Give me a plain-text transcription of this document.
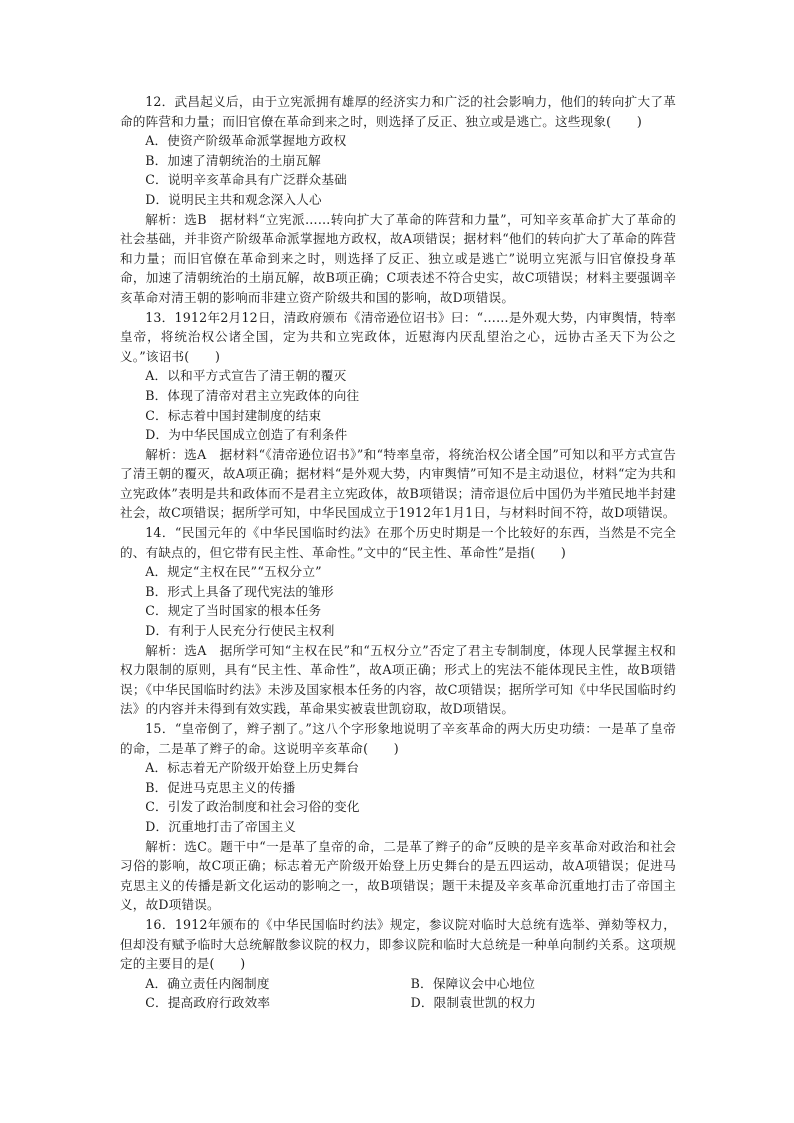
12．武昌起义后，由于立宪派拥有雄厚的经济实力和广泛的社会影响力，他们的转向扩大了革命的阵营和力量；而旧官僚在革命到来之时，则选择了反正、独立或是逃亡。这些现象(　　)
A．使资产阶级革命派掌握地方政权
B．加速了清朝统治的土崩瓦解
C．说明辛亥革命具有广泛群众基础
D．说明民主共和观念深入人心
解析：选B　据材料“立宪派……转向扩大了革命的阵营和力量”，可知辛亥革命扩大了革命的社会基础，并非资产阶级革命派掌握地方政权，故A项错误；据材料“他们的转向扩大了革命的阵营和力量；而旧官僚在革命到来之时，则选择了反正、独立或是逃亡”说明立宪派与旧官僚投身革命，加速了清朝统治的土崩瓦解，故B项正确；C项表述不符合史实，故C项错误；材料主要强调辛亥革命对清王朝的影响而非建立资产阶级共和国的影响，故D项错误。
13．1912年2月12日，清政府颁布《清帝逊位诏书》曰：“……是外观大势，内审舆情，特率皇帝，将统治权公诸全国，定为共和立宪政体，近慰海内厌乱望治之心，远协古圣天下为公之义。”该诏书(　　)
A．以和平方式宣告了清王朝的覆灭
B．体现了清帝对君主立宪政体的向往
C．标志着中国封建制度的结束
D．为中华民国成立创造了有利条件
解析：选A　据材料“《清帝逊位诏书》”和“特率皇帝，将统治权公诸全国”可知以和平方式宣告了清王朝的覆灭，故A项正确；据材料“是外观大势，内审舆情”可知不是主动退位，材料“定为共和立宪政体”表明是共和政体而不是君主立宪政体，故B项错误；清帝退位后中国仍为半殖民地半封建社会，故C项错误；据所学可知，中华民国成立于1912年1月1日，与材料时间不符，故D项错误。
14．“民国元年的《中华民国临时约法》在那个历史时期是一个比较好的东西，当然是不完全的、有缺点的，但它带有民主性、革命性。”文中的“民主性、革命性”是指(　　)
A．规定“主权在民”“五权分立”
B．形式上具备了现代宪法的雏形
C．规定了当时国家的根本任务
D．有利于人民充分行使民主权利
解析：选A　据所学可知“主权在民”和“五权分立”否定了君主专制制度，体现人民掌握主权和权力限制的原则，具有“民主性、革命性”，故A项正确；形式上的宪法不能体现民主性，故B项错误；《中华民国临时约法》未涉及国家根本任务的内容，故C项错误；据所学可知《中华民国临时约法》的内容并未得到有效实践，革命果实被袁世凯窃取，故D项错误。
15．“皇帝倒了，辫子割了。”这八个字形象地说明了辛亥革命的两大历史功绩：一是革了皇帝的命，二是革了辫子的命。这说明辛亥革命(　　)
A．标志着无产阶级开始登上历史舞台
B．促进马克思主义的传播
C．引发了政治制度和社会习俗的变化
D．沉重地打击了帝国主义
解析：选C。题干中“一是革了皇帝的命，二是革了辫子的命”反映的是辛亥革命对政治和社会习俗的影响，故C项正确；标志着无产阶级开始登上历史舞台的是五四运动，故A项错误；促进马克思主义的传播是新文化运动的影响之一，故B项错误；题干未提及辛亥革命沉重地打击了帝国主义，故D项错误。
16．1912年颁布的《中华民国临时约法》规定，参议院对临时大总统有选举、弹劾等权力，但却没有赋予临时大总统解散参议院的权力，即参议院和临时大总统是一种单向制约关系。这项规定的主要目的是(　　)
A．确立责任内阁制度	B．保障议会中心地位
C．提高政府行政效率	D．限制袁世凯的权力
